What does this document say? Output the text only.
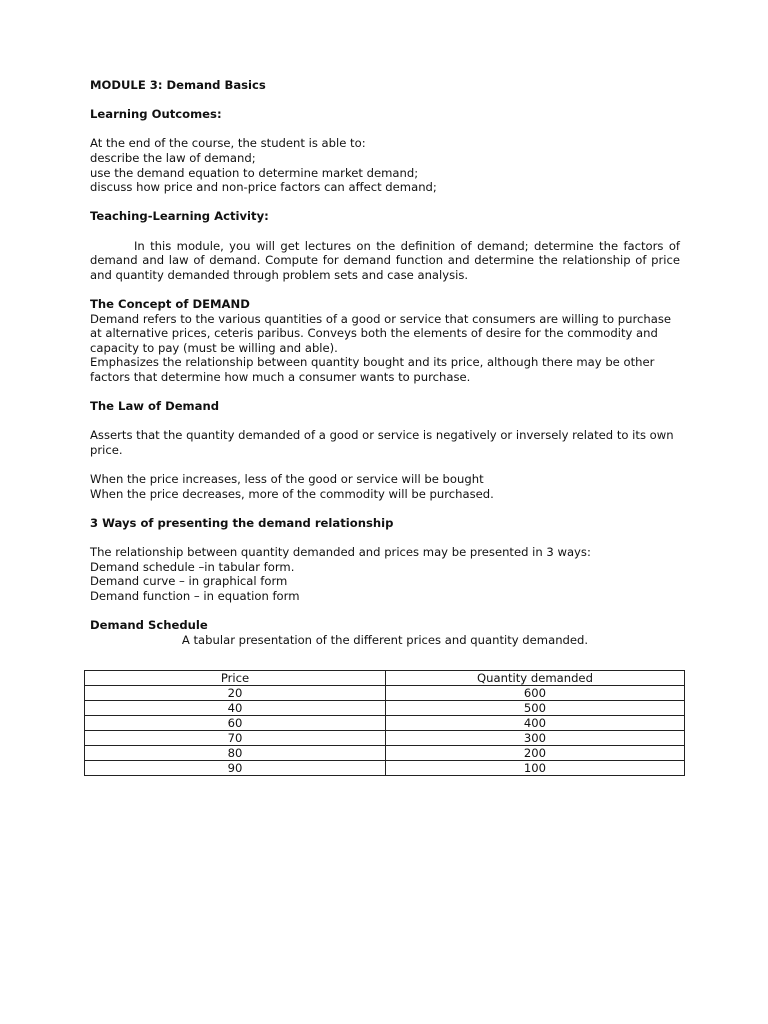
MODULE 3: Demand Basics
Learning Outcomes:
At the end of the course, the student is able to:
describe the law of demand;
use the demand equation to determine market demand;
discuss how price and non-price factors can affect demand;
Teaching-Learning Activity:

In this module, you will get lectures on the definition of demand; determine the factors of demand and law of demand. Compute for demand function and determine the relationship of price and quantity demanded through problem sets and case analysis.

The Concept of DEMAND

Demand refers to the various quantities of a good or service that consumers are willing to purchase at alternative prices, ceteris paribus. Conveys both the elements of desire for the commodity and capacity to pay (must be willing and able).

Emphasizes the relationship between quantity bought and its price, although there may be other factors that determine how much a consumer wants to purchase.

The Law of Demand

Asserts that the quantity demanded of a good or service is negatively or inversely related to its own price.

When the price increases, less of the good or service will be bought
When the price decreases, more of the commodity will be purchased.
3 Ways of presenting the demand relationship
The relationship between quantity demanded and prices may be presented in 3 ways:
Demand schedule –in tabular form.
Demand curve – in graphical form
Demand function – in equation form
Demand Schedule
A tabular presentation of the different prices and quantity demanded.
Price	Quantity demanded
20	600
40	500
60	400
70	300
80	200
90	100
